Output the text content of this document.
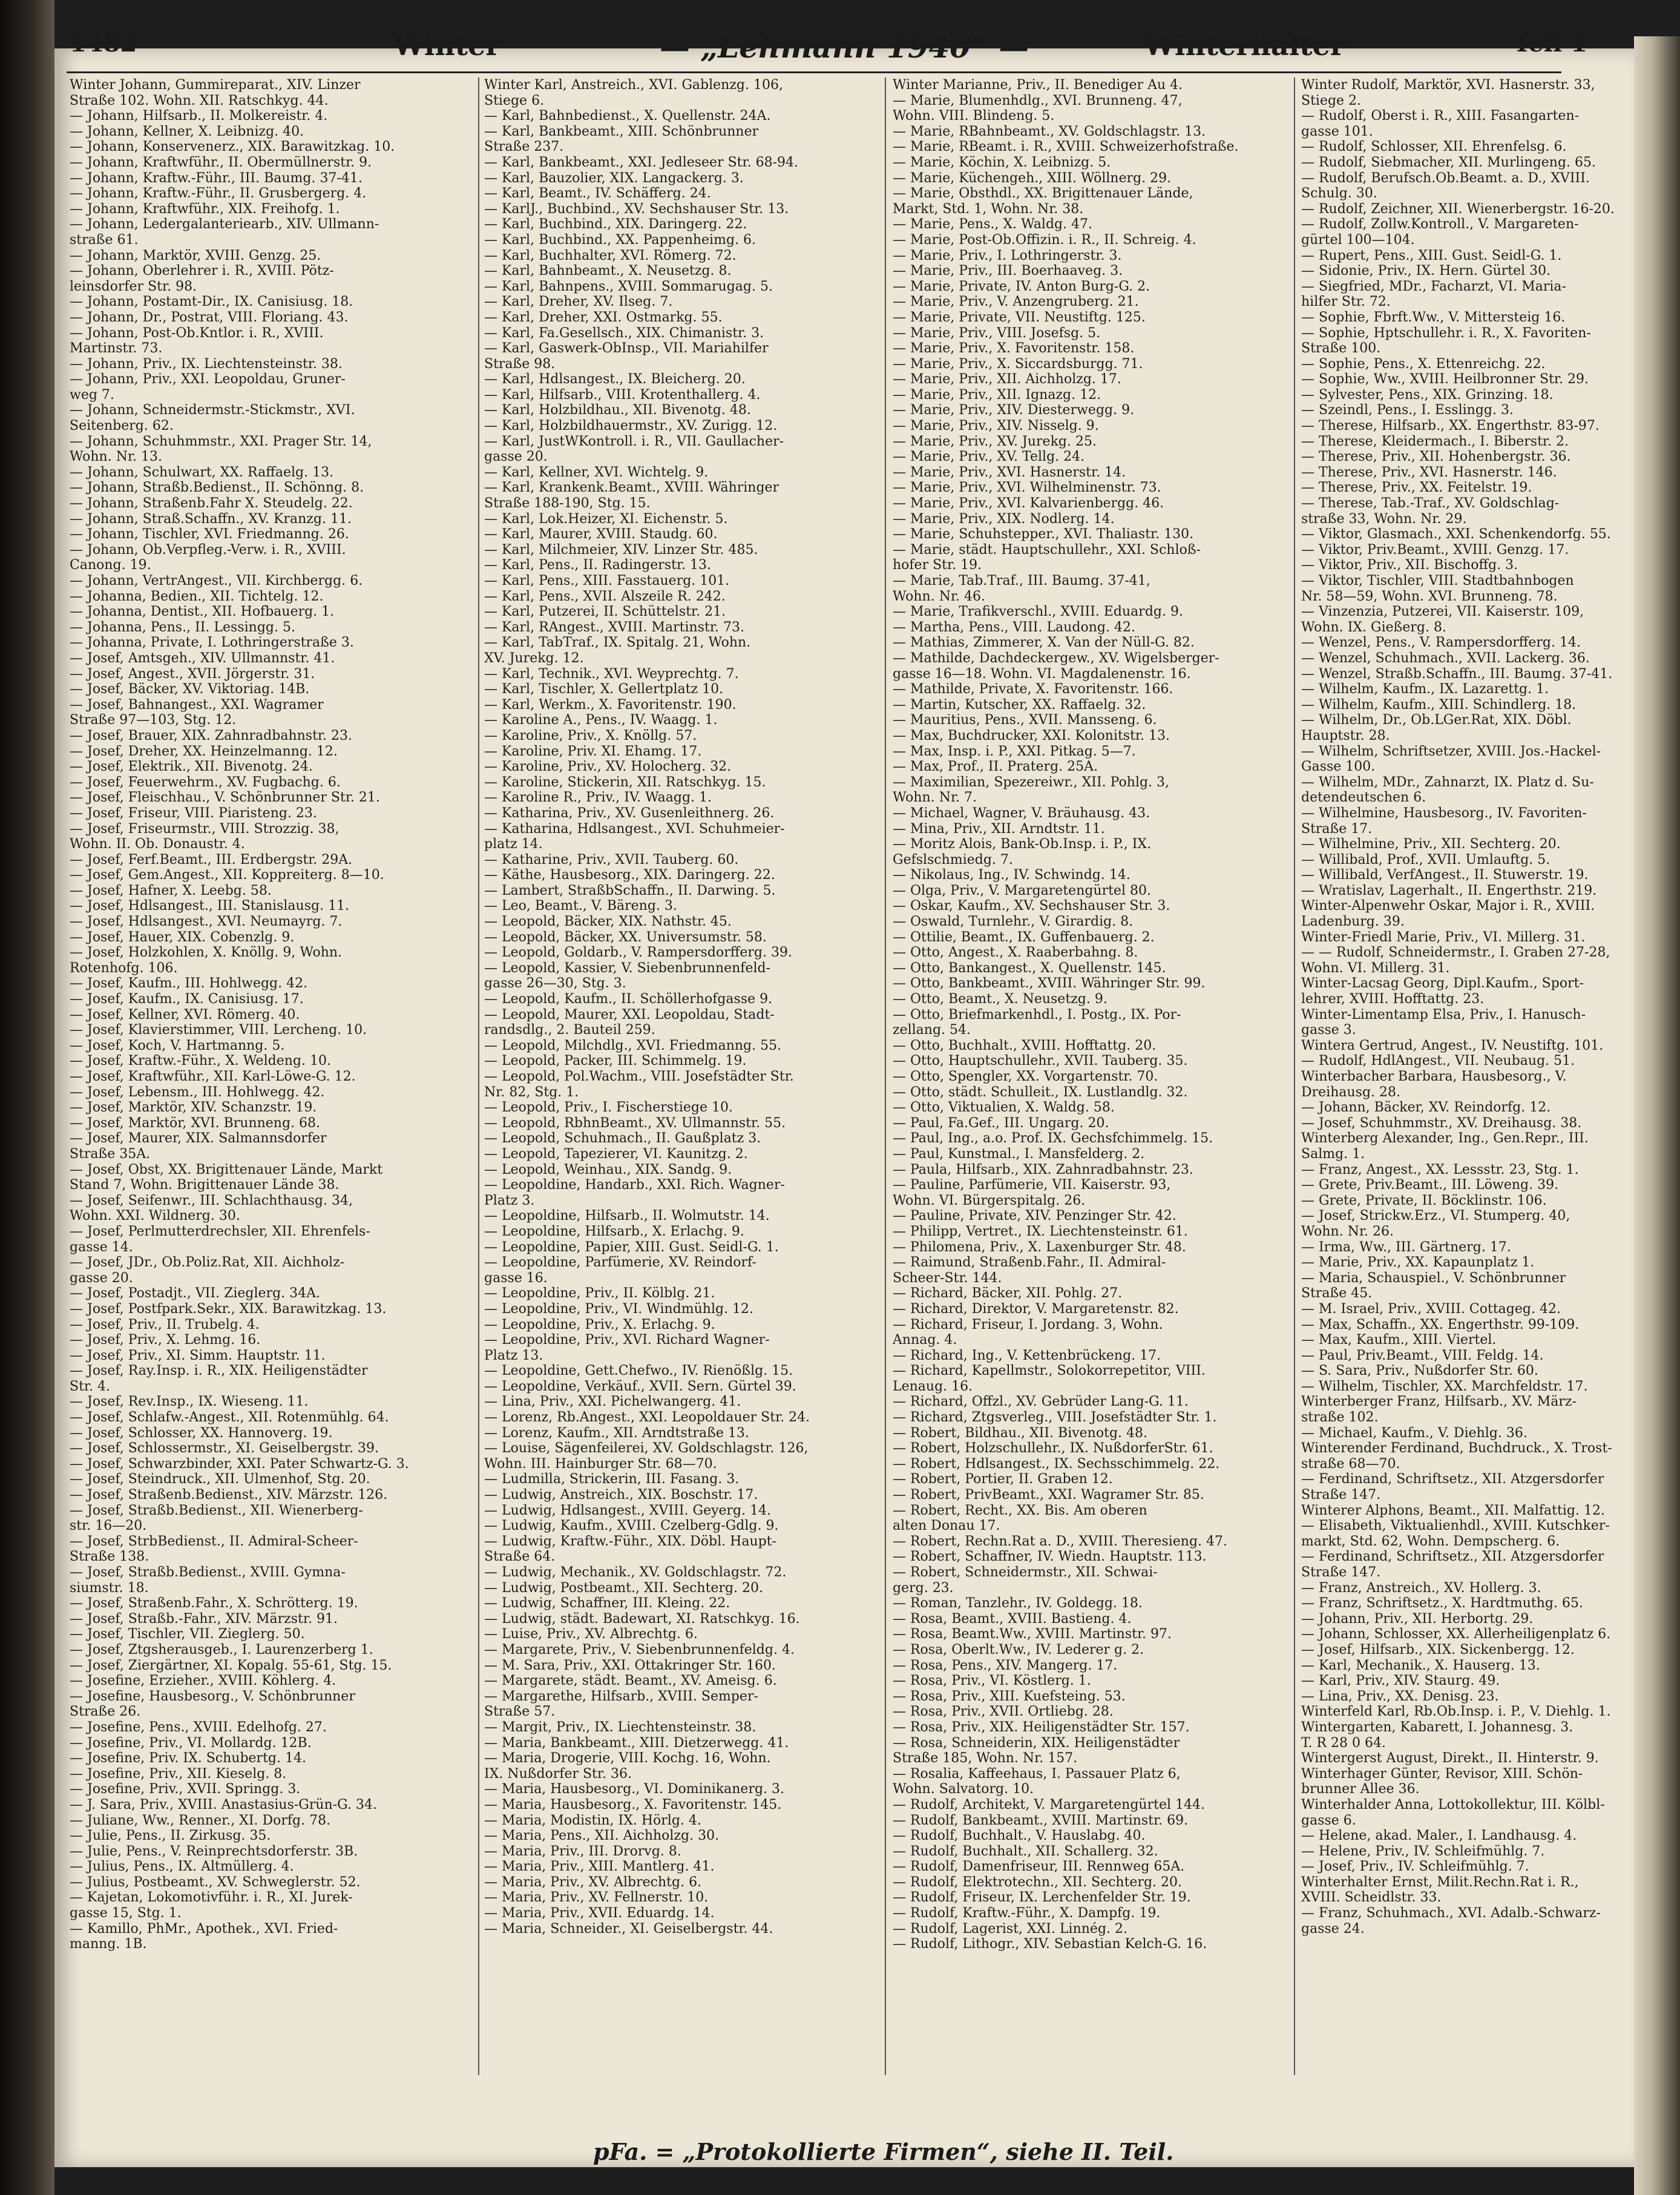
1482	Winter	— „Lehmann 1940“ —	Winterhalter	Teil 1
Winter Johann, Gummireparat., XIV. Linzer
Straße 102. Wohn. XII. Ratschkyg. 44.
— Johann, Hilfsarb., II. Molkereistr. 4.
— Johann, Kellner, X. Leibnizg. 40.
— Johann, Konservenerz., XIX. Barawitzkag. 10.
— Johann, Kraftwführ., II. Obermüllnerstr. 9.
— Johann, Kraftw.-Führ., III. Baumg. 37-41.
— Johann, Kraftw.-Führ., II. Grusbergerg. 4.
— Johann, Kraftwführ., XIX. Freihofg. 1.
— Johann, Ledergalanteriearb., XIV. Ullmann-
straße 61.
— Johann, Marktör, XVIII. Genzg. 25.
— Johann, Oberlehrer i. R., XVIII. Pötz-
leinsdorfer Str. 98.
— Johann, Postamt-Dir., IX. Canisiusg. 18.
— Johann, Dr., Postrat, VIII. Floriang. 43.
— Johann, Post-Ob.Kntlor. i. R., XVIII.
Martinstr. 73.
— Johann, Priv., IX. Liechtensteinstr. 38.
— Johann, Priv., XXI. Leopoldau, Gruner-
weg 7.
— Johann, Schneidermstr.-Stickmstr., XVI.
Seitenberg. 62.
— Johann, Schuhmmstr., XXI. Prager Str. 14,
Wohn. Nr. 13.
— Johann, Schulwart, XX. Raffaelg. 13.
— Johann, Straßb.Bedienst., II. Schönng. 8.
— Johann, Straßenb.Fahr X. Steudelg. 22.
— Johann, Straß.Schaffn., XV. Kranzg. 11.
— Johann, Tischler, XVI. Friedmanng. 26.
— Johann, Ob.Verpfleg.-Verw. i. R., XVIII.
Canong. 19.
— Johann, VertrAngest., VII. Kirchbergg. 6.
— Johanna, Bedien., XII. Tichtelg. 12.
— Johanna, Dentist., XII. Hofbauerg. 1.
— Johanna, Pens., II. Lessingg. 5.
— Johanna, Private, I. Lothringerstraße 3.
— Josef, Amtsgeh., XIV. Ullmannstr. 41.
— Josef, Angest., XVII. Jörgerstr. 31.
— Josef, Bäcker, XV. Viktoriag. 14B.
— Josef, Bahnangest., XXI. Wagramer
Straße 97—103, Stg. 12.
— Josef, Brauer, XIX. Zahnradbahnstr. 23.
— Josef, Dreher, XX. Heinzelmanng. 12.
— Josef, Elektrik., XII. Bivenotg. 24.
— Josef, Feuerwehrm., XV. Fugbachg. 6.
— Josef, Fleischhau., V. Schönbrunner Str. 21.
— Josef, Friseur, VIII. Piaristeng. 23.
— Josef, Friseurmstr., VIII. Strozzig. 38,
Wohn. II. Ob. Donaustr. 4.
— Josef, Ferf.Beamt., III. Erdbergstr. 29A.
— Josef, Gem.Angest., XII. Koppreiterg. 8—10.
— Josef, Hafner, X. Leebg. 58.
— Josef, Hdlsangest., III. Stanislausg. 11.
— Josef, Hdlsangest., XVI. Neumayrg. 7.
— Josef, Hauer, XIX. Cobenzlg. 9.
— Josef, Holzkohlen, X. Knöllg. 9, Wohn.
Rotenhofg. 106.
— Josef, Kaufm., III. Hohlwegg. 42.
— Josef, Kaufm., IX. Canisiusg. 17.
— Josef, Kellner, XVI. Römerg. 40.
— Josef, Klavierstimmer, VIII. Lercheng. 10.
— Josef, Koch, V. Hartmanng. 5.
— Josef, Kraftw.-Führ., X. Weldeng. 10.
— Josef, Kraftwführ., XII. Karl-Löwe-G. 12.
— Josef, Lebensm., III. Hohlwegg. 42.
— Josef, Marktör, XIV. Schanzstr. 19.
— Josef, Marktör, XVI. Brunneng. 68.
— Josef, Maurer, XIX. Salmannsdorfer
Straße 35A.
— Josef, Obst, XX. Brigittenauer Lände, Markt
Stand 7, Wohn. Brigittenauer Lände 38.
— Josef, Seifenwr., III. Schlachthausg. 34,
Wohn. XXI. Wildnerg. 30.
— Josef, Perlmutterdrechsler, XII. Ehrenfels-
gasse 14.
— Josef, JDr., Ob.Poliz.Rat, XII. Aichholz-
gasse 20.
— Josef, Postadjt., VII. Zieglerg. 34A.
— Josef, Postfpark.Sekr., XIX. Barawitzkag. 13.
— Josef, Priv., II. Trubelg. 4.
— Josef, Priv., X. Lehmg. 16.
— Josef, Priv., XI. Simm. Hauptstr. 11.
— Josef, Ray.Insp. i. R., XIX. Heiligenstädter
Str. 4.
— Josef, Rev.Insp., IX. Wieseng. 11.
— Josef, Schlafw.-Angest., XII. Rotenmühlg. 64.
— Josef, Schlosser, XX. Hannoverg. 19.
— Josef, Schlossermstr., XI. Geiselbergstr. 39.
— Josef, Schwarzbinder, XXI. Pater Schwartz-G. 3.
— Josef, Steindruck., XII. Ulmenhof, Stg. 20.
— Josef, Straßenb.Bedienst., XIV. Märzstr. 126.
— Josef, Straßb.Bedienst., XII. Wienerberg-
str. 16—20.
— Josef, StrbBedienst., II. Admiral-Scheer-
Straße 138.
— Josef, Straßb.Bedienst., XVIII. Gymna-
siumstr. 18.
— Josef, Straßenb.Fahr., X. Schrötterg. 19.
— Josef, Straßb.-Fahr., XIV. Märzstr. 91.
— Josef, Tischler, VII. Zieglerg. 50.
— Josef, Ztgsherausgeb., I. Laurenzerberg 1.
— Josef, Ziergärtner, XI. Kopalg. 55-61, Stg. 15.
— Josefine, Erzieher., XVIII. Köhlerg. 4.
— Josefine, Hausbesorg., V. Schönbrunner
Straße 26.
— Josefine, Pens., XVIII. Edelhofg. 27.
— Josefine, Priv., VI. Mollardg. 12B.
— Josefine, Priv. IX. Schubertg. 14.
— Josefine, Priv., XII. Kieselg. 8.
— Josefine, Priv., XVII. Springg. 3.
— J. Sara, Priv., XVIII. Anastasius-Grün-G. 34.
— Juliane, Ww., Renner., XI. Dorfg. 78.
— Julie, Pens., II. Zirkusg. 35.
— Julie, Pens., V. Reinprechtsdorferstr. 3B.
— Julius, Pens., IX. Altmüllerg. 4.
— Julius, Postbeamt., XV. Schweglerstr. 52.
— Kajetan, Lokomotivführ. i. R., XI. Jurek-
gasse 15, Stg. 1.
— Kamillo, PhMr., Apothek., XVI. Fried-
manng. 1B.
Winter Karl, Anstreich., XVI. Gablenzg. 106,
Stiege 6.
— Karl, Bahnbedienst., X. Quellenstr. 24A.
— Karl, Bankbeamt., XIII. Schönbrunner
Straße 237.
— Karl, Bankbeamt., XXI. Jedleseer Str. 68-94.
— Karl, Bauzolier, XIX. Langackerg. 3.
— Karl, Beamt., IV. Schäfferg. 24.
— KarlJ., Buchbind., XV. Sechshauser Str. 13.
— Karl, Buchbind., XIX. Daringerg. 22.
— Karl, Buchbind., XX. Pappenheimg. 6.
— Karl, Buchhalter, XVI. Römerg. 72.
— Karl, Bahnbeamt., X. Neusetzg. 8.
— Karl, Bahnpens., XVIII. Sommarugag. 5.
— Karl, Dreher, XV. Ilseg. 7.
— Karl, Dreher, XXI. Ostmarkg. 55.
— Karl, Fa.Gesellsch., XIX. Chimanistr. 3.
— Karl, Gaswerk-ObInsp., VII. Mariahilfer
Straße 98.
— Karl, Hdlsangest., IX. Bleicherg. 20.
— Karl, Hilfsarb., VIII. Krotenthallerg. 4.
— Karl, Holzbildhau., XII. Bivenotg. 48.
— Karl, Holzbildhauermstr., XV. Zurigg. 12.
— Karl, JustWKontroll. i. R., VII. Gaullacher-
gasse 20.
— Karl, Kellner, XVI. Wichtelg. 9.
— Karl, Krankenk.Beamt., XVIII. Währinger
Straße 188-190, Stg. 15.
— Karl, Lok.Heizer, XI. Eichenstr. 5.
— Karl, Maurer, XVIII. Staudg. 60.
— Karl, Milchmeier, XIV. Linzer Str. 485.
— Karl, Pens., II. Radingerstr. 13.
— Karl, Pens., XIII. Fasstauerg. 101.
— Karl, Pens., XVII. Alszeile R. 242.
— Karl, Putzerei, II. Schüttelstr. 21.
— Karl, RAngest., XVIII. Martinstr. 73.
— Karl, TabTraf., IX. Spitalg. 21, Wohn.
XV. Jurekg. 12.
— Karl, Technik., XVI. Weyprechtg. 7.
— Karl, Tischler, X. Gellertplatz 10.
— Karl, Werkm., X. Favoritenstr. 190.
— Karoline A., Pens., IV. Waagg. 1.
— Karoline, Priv., X. Knöllg. 57.
— Karoline, Priv. XI. Ehamg. 17.
— Karoline, Priv., XV. Holocherg. 32.
— Karoline, Stickerin, XII. Ratschkyg. 15.
— Karoline R., Priv., IV. Waagg. 1.
— Katharina, Priv., XV. Gusenleithnerg. 26.
— Katharina, Hdlsangest., XVI. Schuhmeier-
platz 14.
— Katharine, Priv., XVII. Tauberg. 60.
— Käthe, Hausbesorg., XIX. Daringerg. 22.
— Lambert, StraßbSchaffn., II. Darwing. 5.
— Leo, Beamt., V. Bäreng. 3.
— Leopold, Bäcker, XIX. Nathstr. 45.
— Leopold, Bäcker, XX. Universumstr. 58.
— Leopold, Goldarb., V. Rampersdorfferg. 39.
— Leopold, Kassier, V. Siebenbrunnenfeld-
gasse 26—30, Stg. 3.
— Leopold, Kaufm., II. Schöllerhofgasse 9.
— Leopold, Maurer, XXI. Leopoldau, Stadt-
randsdlg., 2. Bauteil 259.
— Leopold, Milchdlg., XVI. Friedmanng. 55.
— Leopold, Packer, III. Schimmelg. 19.
— Leopold, Pol.Wachm., VIII. Josefstädter Str.
Nr. 82, Stg. 1.
— Leopold, Priv., I. Fischerstiege 10.
— Leopold, RbhnBeamt., XV. Ullmannstr. 55.
— Leopold, Schuhmach., II. Gaußplatz 3.
— Leopold, Tapezierer, VI. Kaunitzg. 2.
— Leopold, Weinhau., XIX. Sandg. 9.
— Leopoldine, Handarb., XXI. Rich. Wagner-
Platz 3.
— Leopoldine, Hilfsarb., II. Wolmutstr. 14.
— Leopoldine, Hilfsarb., X. Erlachg. 9.
— Leopoldine, Papier, XIII. Gust. Seidl-G. 1.
— Leopoldine, Parfümerie, XV. Reindorf-
gasse 16.
— Leopoldine, Priv., II. Kölblg. 21.
— Leopoldine, Priv., VI. Windmühlg. 12.
— Leopoldine, Priv., X. Erlachg. 9.
— Leopoldine, Priv., XVI. Richard Wagner-
Platz 13.
— Leopoldine, Gett.Chefwo., IV. Rienößlg. 15.
— Leopoldine, Verkäuf., XVII. Sern. Gürtel 39.
— Lina, Priv., XXI. Pichelwangerg. 41.
— Lorenz, Rb.Angest., XXI. Leopoldauer Str. 24.
— Lorenz, Kaufm., XII. Arndtstraße 13.
— Louise, Sägenfeilerei, XV. Goldschlagstr. 126,
Wohn. III. Hainburger Str. 68—70.
— Ludmilla, Strickerin, III. Fasang. 3.
— Ludwig, Anstreich., XIX. Boschstr. 17.
— Ludwig, Hdlsangest., XVIII. Geyerg. 14.
— Ludwig, Kaufm., XVIII. Czelberg-Gdlg. 9.
— Ludwig, Kraftw.-Führ., XIX. Döbl. Haupt-
Straße 64.
— Ludwig, Mechanik., XV. Goldschlagstr. 72.
— Ludwig, Postbeamt., XII. Sechterg. 20.
— Ludwig, Schaffner, III. Kleing. 22.
— Ludwig, städt. Badewart, XI. Ratschkyg. 16.
— Luise, Priv., XV. Albrechtg. 6.
— Margarete, Priv., V. Siebenbrunnenfeldg. 4.
— M. Sara, Priv., XXI. Ottakringer Str. 160.
— Margarete, städt. Beamt., XV. Ameisg. 6.
— Margarethe, Hilfsarb., XVIII. Semper-
Straße 57.
— Margit, Priv., IX. Liechtensteinstr. 38.
— Maria, Bankbeamt., XIII. Dietzerwegg. 41.
— Maria, Drogerie, VIII. Kochg. 16, Wohn.
IX. Nußdorfer Str. 36.
— Maria, Hausbesorg., VI. Dominikanerg. 3.
— Maria, Hausbesorg., X. Favoritenstr. 145.
— Maria, Modistin, IX. Hörlg. 4.
— Maria, Pens., XII. Aichholzg. 30.
— Maria, Priv., III. Drorvg. 8.
— Maria, Priv., XIII. Mantlerg. 41.
— Maria, Priv., XV. Albrechtg. 6.
— Maria, Priv., XV. Fellnerstr. 10.
— Maria, Priv., XVII. Eduardg. 14.
— Maria, Schneider., XI. Geiselbergstr. 44.
Winter Marianne, Priv., II. Benediger Au 4.
— Marie, Blumenhdlg., XVI. Brunneng. 47,
Wohn. VIII. Blindeng. 5.
— Marie, RBahnbeamt., XV. Goldschlagstr. 13.
— Marie, RBeamt. i. R., XVIII. Schweizerhofstraße.
— Marie, Köchin, X. Leibnizg. 5.
— Marie, Küchengeh., XIII. Wöllnerg. 29.
— Marie, Obsthdl., XX. Brigittenauer Lände,
Markt, Std. 1, Wohn. Nr. 38.
— Marie, Pens., X. Waldg. 47.
— Marie, Post-Ob.Offizin. i. R., II. Schreig. 4.
— Marie, Priv., I. Lothringerstr. 3.
— Marie, Priv., III. Boerhaaveg. 3.
— Marie, Private, IV. Anton Burg-G. 2.
— Marie, Priv., V. Anzengruberg. 21.
— Marie, Private, VII. Neustiftg. 125.
— Marie, Priv., VIII. Josefsg. 5.
— Marie, Priv., X. Favoritenstr. 158.
— Marie, Priv., X. Siccardsburgg. 71.
— Marie, Priv., XII. Aichholzg. 17.
— Marie, Priv., XII. Ignazg. 12.
— Marie, Priv., XIV. Diesterwegg. 9.
— Marie, Priv., XIV. Nisselg. 9.
— Marie, Priv., XV. Jurekg. 25.
— Marie, Priv., XV. Tellg. 24.
— Marie, Priv., XVI. Hasnerstr. 14.
— Marie, Priv., XVI. Wilhelminenstr. 73.
— Marie, Priv., XVI. Kalvarienbergg. 46.
— Marie, Priv., XIX. Nodlerg. 14.
— Marie, Schuhstepper., XVI. Thaliastr. 130.
— Marie, städt. Hauptschullehr., XXI. Schloß-
hofer Str. 19.
— Marie, Tab.Traf., III. Baumg. 37-41,
Wohn. Nr. 46.
— Marie, Trafikverschl., XVIII. Eduardg. 9.
— Martha, Pens., VIII. Laudong. 42.
— Mathias, Zimmerer, X. Van der Nüll-G. 82.
— Mathilde, Dachdeckergew., XV. Wigelsberger-
gasse 16—18. Wohn. VI. Magdalenenstr. 16.
— Mathilde, Private, X. Favoritenstr. 166.
— Martin, Kutscher, XX. Raffaelg. 32.
— Mauritius, Pens., XVII. Mansseng. 6.
— Max, Buchdrucker, XXI. Kolonitstr. 13.
— Max, Insp. i. P., XXI. Pitkag. 5—7.
— Max, Prof., II. Praterg. 25A.
— Maximilian, Spezereiwr., XII. Pohlg. 3,
Wohn. Nr. 7.
— Michael, Wagner, V. Bräuhausg. 43.
— Mina, Priv., XII. Arndtstr. 11.
— Moritz Alois, Bank-Ob.Insp. i. P., IX.
Gefslschmiedg. 7.
— Nikolaus, Ing., IV. Schwindg. 14.
— Olga, Priv., V. Margaretengürtel 80.
— Oskar, Kaufm., XV. Sechshauser Str. 3.
— Oswald, Turnlehr., V. Girardig. 8.
— Ottilie, Beamt., IX. Guffenbauerg. 2.
— Otto, Angest., X. Raaberbahng. 8.
— Otto, Bankangest., X. Quellenstr. 145.
— Otto, Bankbeamt., XVIII. Währinger Str. 99.
— Otto, Beamt., X. Neusetzg. 9.
— Otto, Briefmarkenhdl., I. Postg., IX. Por-
zellang. 54.
— Otto, Buchhalt., XVIII. Hofftattg. 20.
— Otto, Hauptschullehr., XVII. Tauberg. 35.
— Otto, Spengler, XX. Vorgartenstr. 70.
— Otto, städt. Schulleit., IX. Lustlandlg. 32.
— Otto, Viktualien, X. Waldg. 58.
— Paul, Fa.Gef., III. Ungarg. 20.
— Paul, Ing., a.o. Prof. IX. Gechsfchimmelg. 15.
— Paul, Kunstmal., I. Mansfelderg. 2.
— Paula, Hilfsarb., XIX. Zahnradbahnstr. 23.
— Pauline, Parfümerie, VII. Kaiserstr. 93,
Wohn. VI. Bürgerspitalg. 26.
— Pauline, Private, XIV. Penzinger Str. 42.
— Philipp, Vertret., IX. Liechtensteinstr. 61.
— Philomena, Priv., X. Laxenburger Str. 48.
— Raimund, Straßenb.Fahr., II. Admiral-
Scheer-Str. 144.
— Richard, Bäcker, XII. Pohlg. 27.
— Richard, Direktor, V. Margaretenstr. 82.
— Richard, Friseur, I. Jordang. 3, Wohn.
Annag. 4.
— Richard, Ing., V. Kettenbrückeng. 17.
— Richard, Kapellmstr., Solokorrepetitor, VIII.
Lenaug. 16.
— Richard, Offzl., XV. Gebrüder Lang-G. 11.
— Richard, Ztgsverleg., VIII. Josefstädter Str. 1.
— Robert, Bildhau., XII. Bivenotg. 48.
— Robert, Holzschullehr., IX. NußdorferStr. 61.
— Robert, Hdlsangest., IX. Sechsschimmelg. 22.
— Robert, Portier, II. Graben 12.
— Robert, PrivBeamt., XXI. Wagramer Str. 85.
— Robert, Recht., XX. Bis. Am oberen
alten Donau 17.
— Robert, Rechn.Rat a. D., XVIII. Theresieng. 47.
— Robert, Schaffner, IV. Wiedn. Hauptstr. 113.
— Robert, Schneidermstr., XII. Schwai-
gerg. 23.
— Roman, Tanzlehr., IV. Goldegg. 18.
— Rosa, Beamt., XVIII. Bastieng. 4.
— Rosa, Beamt.Ww., XVIII. Martinstr. 97.
— Rosa, Oberlt.Ww., IV. Lederer g. 2.
— Rosa, Pens., XIV. Mangerg. 17.
— Rosa, Priv., VI. Köstlerg. 1.
— Rosa, Priv., XIII. Kuefsteing. 53.
— Rosa, Priv., XVII. Ortliebg. 28.
— Rosa, Priv., XIX. Heiligenstädter Str. 157.
— Rosa, Schneiderin, XIX. Heiligenstädter
Straße 185, Wohn. Nr. 157.
— Rosalia, Kaffeehaus, I. Passauer Platz 6,
Wohn. Salvatorg. 10.
— Rudolf, Architekt, V. Margaretengürtel 144.
— Rudolf, Bankbeamt., XVIII. Martinstr. 69.
— Rudolf, Buchhalt., V. Hauslabg. 40.
— Rudolf, Buchhalt., XII. Schallerg. 32.
— Rudolf, Damenfriseur, III. Rennweg 65A.
— Rudolf, Elektrotechn., XII. Sechterg. 20.
— Rudolf, Friseur, IX. Lerchenfelder Str. 19.
— Rudolf, Kraftw.-Führ., X. Dampfg. 19.
— Rudolf, Lagerist, XXI. Linnég. 2.
— Rudolf, Lithogr., XIV. Sebastian Kelch-G. 16.
Winter Rudolf, Marktör, XVI. Hasnerstr. 33,
Stiege 2.
— Rudolf, Oberst i. R., XIII. Fasangarten-
gasse 101.
— Rudolf, Schlosser, XII. Ehrenfelsg. 6.
— Rudolf, Siebmacher, XII. Murlingeng. 65.
— Rudolf, Berufsch.Ob.Beamt. a. D., XVIII.
Schulg. 30.
— Rudolf, Zeichner, XII. Wienerbergstr. 16-20.
— Rudolf, Zollw.Kontroll., V. Margareten-
gürtel 100—104.
— Rupert, Pens., XIII. Gust. Seidl-G. 1.
— Sidonie, Priv., IX. Hern. Gürtel 30.
— Siegfried, MDr., Facharzt, VI. Maria-
hilfer Str. 72.
— Sophie, Fbrft.Ww., V. Mittersteig 16.
— Sophie, Hptschullehr. i. R., X. Favoriten-
Straße 100.
— Sophie, Pens., X. Ettenreichg. 22.
— Sophie, Ww., XVIII. Heilbronner Str. 29.
— Sylvester, Pens., XIX. Grinzing. 18.
— Szeindl, Pens., I. Esslingg. 3.
— Therese, Hilfsarb., XX. Engerthstr. 83-97.
— Therese, Kleidermach., I. Biberstr. 2.
— Therese, Priv., XII. Hohenbergstr. 36.
— Therese, Priv., XVI. Hasnerstr. 146.
— Therese, Priv., XX. Feitelstr. 19.
— Therese, Tab.-Traf., XV. Goldschlag-
straße 33, Wohn. Nr. 29.
— Viktor, Glasmach., XXI. Schenkendorfg. 55.
— Viktor, Priv.Beamt., XVIII. Genzg. 17.
— Viktor, Priv., XII. Bischoffg. 3.
— Viktor, Tischler, VIII. Stadtbahnbogen
Nr. 58—59, Wohn. XVI. Brunneng. 78.
— Vinzenzia, Putzerei, VII. Kaiserstr. 109,
Wohn. IX. Gießerg. 8.
— Wenzel, Pens., V. Rampersdorfferg. 14.
— Wenzel, Schuhmach., XVII. Lackerg. 36.
— Wenzel, Straßb.Schaffn., III. Baumg. 37-41.
— Wilhelm, Kaufm., IX. Lazarettg. 1.
— Wilhelm, Kaufm., XIII. Schindlerg. 18.
— Wilhelm, Dr., Ob.LGer.Rat, XIX. Döbl.
Hauptstr. 28.
— Wilhelm, Schriftsetzer, XVIII. Jos.-Hackel-
Gasse 100.
— Wilhelm, MDr., Zahnarzt, IX. Platz d. Su-
detendeutschen 6.
— Wilhelmine, Hausbesorg., IV. Favoriten-
Straße 17.
— Wilhelmine, Priv., XII. Sechterg. 20.
— Willibald, Prof., XVII. Umlauftg. 5.
— Willibald, VerfAngest., II. Stuwerstr. 19.
— Wratislav, Lagerhalt., II. Engerthstr. 219.
Winter-Alpenwehr Oskar, Major i. R., XVIII.
Ladenburg. 39.
Winter-Friedl Marie, Priv., VI. Millerg. 31.
— — Rudolf, Schneidermstr., I. Graben 27-28,
Wohn. VI. Millerg. 31.
Winter-Lacsag Georg, Dipl.Kaufm., Sport-
lehrer, XVIII. Hofftattg. 23.
Winter-Limentamp Elsa, Priv., I. Hanusch-
gasse 3.
Wintera Gertrud, Angest., IV. Neustiftg. 101.
— Rudolf, HdlAngest., VII. Neubaug. 51.
Winterbacher Barbara, Hausbesorg., V.
Dreihausg. 28.
— Johann, Bäcker, XV. Reindorfg. 12.
— Josef, Schuhmmstr., XV. Dreihausg. 38.
Winterberg Alexander, Ing., Gen.Repr., III.
Salmg. 1.
— Franz, Angest., XX. Lessstr. 23, Stg. 1.
— Grete, Priv.Beamt., III. Löweng. 39.
— Grete, Private, II. Böcklinstr. 106.
— Josef, Strickw.Erz., VI. Stumperg. 40,
Wohn. Nr. 26.
— Irma, Ww., III. Gärtnerg. 17.
— Marie, Priv., XX. Kapaunplatz 1.
— Maria, Schauspiel., V. Schönbrunner
Straße 45.
— M. Israel, Priv., XVIII. Cottageg. 42.
— Max, Schaffn., XX. Engerthstr. 99-109.
— Max, Kaufm., XIII. Viertel.
— Paul, Priv.Beamt., VIII. Feldg. 14.
— S. Sara, Priv., Nußdorfer Str. 60.
— Wilhelm, Tischler, XX. Marchfeldstr. 17.
Winterberger Franz, Hilfsarb., XV. März-
straße 102.
— Michael, Kaufm., V. Diehlg. 36.
Winterender Ferdinand, Buchdruck., X. Trost-
straße 68—70.
— Ferdinand, Schriftsetz., XII. Atzgersdorfer
Straße 147.
Winterer Alphons, Beamt., XII. Malfattig. 12.
— Elisabeth, Viktualienhdl., XVIII. Kutschker-
markt, Std. 62, Wohn. Dempscherg. 6.
— Ferdinand, Schriftsetz., XII. Atzgersdorfer
Straße 147.
— Franz, Anstreich., XV. Hollerg. 3.
— Franz, Schriftsetz., X. Hardtmuthg. 65.
— Johann, Priv., XII. Herbortg. 29.
— Johann, Schlosser, XX. Allerheiligenplatz 6.
— Josef, Hilfsarb., XIX. Sickenbergg. 12.
— Karl, Mechanik., X. Hauserg. 13.
— Karl, Priv., XIV. Staurg. 49.
— Lina, Priv., XX. Denisg. 23.
Winterfeld Karl, Rb.Ob.Insp. i. P., V. Diehlg. 1.
Wintergarten, Kabarett, I. Johannesg. 3.
T. R 28 0 64.
Wintergerst August, Direkt., II. Hinterstr. 9.
Winterhager Günter, Revisor, XIII. Schön-
brunner Allee 36.
Winterhalder Anna, Lottokollektur, III. Kölbl-
gasse 6.
— Helene, akad. Maler., I. Landhausg. 4.
— Helene, Priv., IV. Schleifmühlg. 7.
— Josef, Priv., IV. Schleifmühlg. 7.
Winterhalter Ernst, Milit.Rechn.Rat i. R.,
XVIII. Scheidlstr. 33.
— Franz, Schuhmach., XVI. Adalb.-Schwarz-
gasse 24.
pFa. = „Protokollierte Firmen“, siehe II. Teil.
